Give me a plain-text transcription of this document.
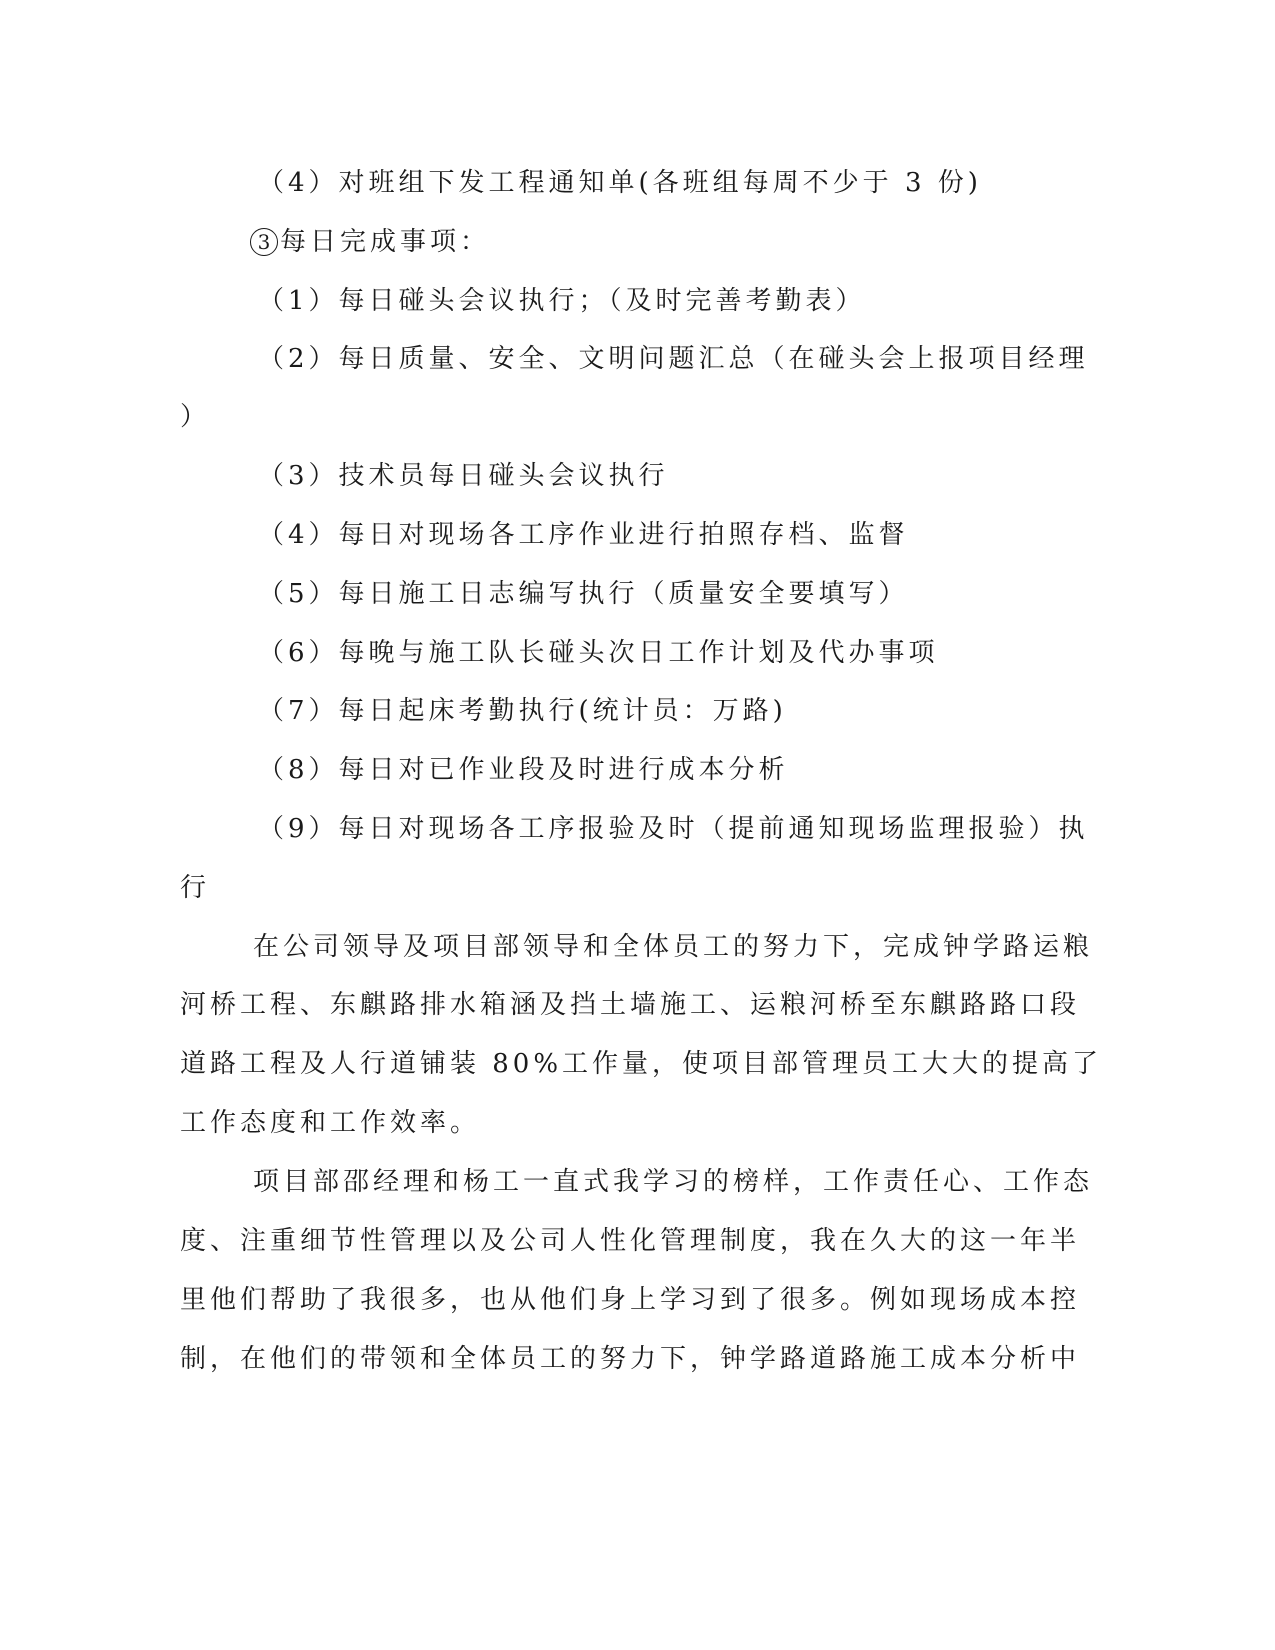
（4）对班组下发工程通知单(各班组每周不少于 3 份)
3 每日完成事项：
（1）每日碰头会议执行；（及时完善考勤表）
（2）每日质量、安全、文明问题汇总（在碰头会上报项目经理
）
（3）技术员每日碰头会议执行
（4）每日对现场各工序作业进行拍照存档、监督
（5）每日施工日志编写执行（质量安全要填写）
（6）每晚与施工队长碰头次日工作计划及代办事项
（7）每日起床考勤执行(统计员：万路)
（8）每日对已作业段及时进行成本分析
（9）每日对现场各工序报验及时（提前通知现场监理报验）执
行
在公司领导及项目部领导和全体员工的努力下，完成钟学路运粮
河桥工程、东麒路排水箱涵及挡土墙施工、运粮河桥至东麒路路口段
道路工程及人行道铺装 80%工作量，使项目部管理员工大大的提高了
工作态度和工作效率。
项目部邵经理和杨工一直式我学习的榜样，工作责任心、工作态
度、注重细节性管理以及公司人性化管理制度，我在久大的这一年半
里他们帮助了我很多，也从他们身上学习到了很多。例如现场成本控
制，在他们的带领和全体员工的努力下，钟学路道路施工成本分析中
